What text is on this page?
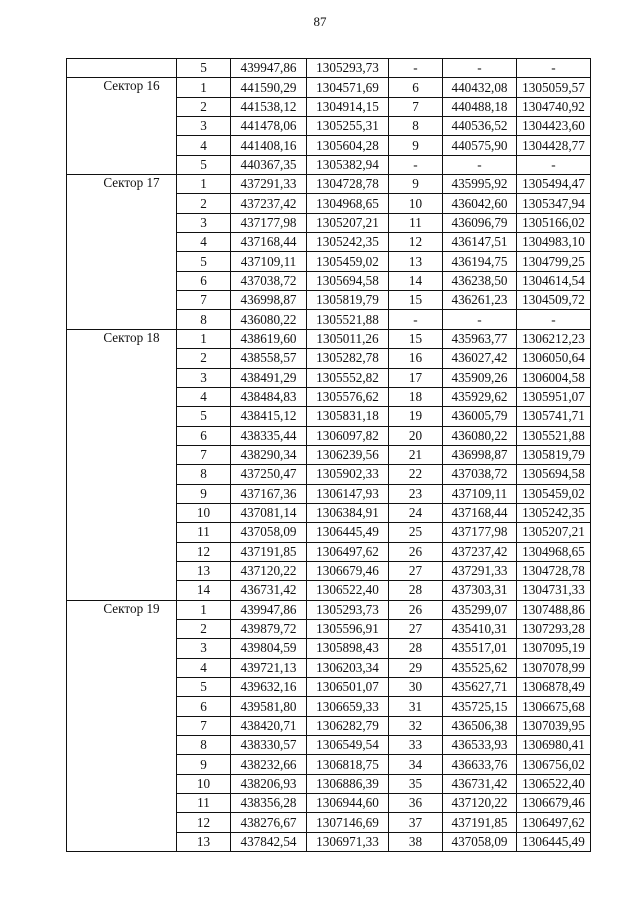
87
	5	439947,86	1305293,73	-	-	-
Сектор 16	1	441590,29	1304571,69	6	440432,08	1305059,57
	2	441538,12	1304914,15	7	440488,18	1304740,92
	3	441478,06	1305255,31	8	440536,52	1304423,60
	4	441408,16	1305604,28	9	440575,90	1304428,77
	5	440367,35	1305382,94	-	-	-
Сектор 17	1	437291,33	1304728,78	9	435995,92	1305494,47
	2	437237,42	1304968,65	10	436042,60	1305347,94
	3	437177,98	1305207,21	11	436096,79	1305166,02
	4	437168,44	1305242,35	12	436147,51	1304983,10
	5	437109,11	1305459,02	13	436194,75	1304799,25
	6	437038,72	1305694,58	14	436238,50	1304614,54
	7	436998,87	1305819,79	15	436261,23	1304509,72
	8	436080,22	1305521,88	-	-	-
Сектор 18	1	438619,60	1305011,26	15	435963,77	1306212,23
	2	438558,57	1305282,78	16	436027,42	1306050,64
	3	438491,29	1305552,82	17	435909,26	1306004,58
	4	438484,83	1305576,62	18	435929,62	1305951,07
	5	438415,12	1305831,18	19	436005,79	1305741,71
	6	438335,44	1306097,82	20	436080,22	1305521,88
	7	438290,34	1306239,56	21	436998,87	1305819,79
	8	437250,47	1305902,33	22	437038,72	1305694,58
	9	437167,36	1306147,93	23	437109,11	1305459,02
	10	437081,14	1306384,91	24	437168,44	1305242,35
	11	437058,09	1306445,49	25	437177,98	1305207,21
	12	437191,85	1306497,62	26	437237,42	1304968,65
	13	437120,22	1306679,46	27	437291,33	1304728,78
	14	436731,42	1306522,40	28	437303,31	1304731,33
Сектор 19	1	439947,86	1305293,73	26	435299,07	1307488,86
	2	439879,72	1305596,91	27	435410,31	1307293,28
	3	439804,59	1305898,43	28	435517,01	1307095,19
	4	439721,13	1306203,34	29	435525,62	1307078,99
	5	439632,16	1306501,07	30	435627,71	1306878,49
	6	439581,80	1306659,33	31	435725,15	1306675,68
	7	438420,71	1306282,79	32	436506,38	1307039,95
	8	438330,57	1306549,54	33	436533,93	1306980,41
	9	438232,66	1306818,75	34	436633,76	1306756,02
	10	438206,93	1306886,39	35	436731,42	1306522,40
	11	438356,28	1306944,60	36	437120,22	1306679,46
	12	438276,67	1307146,69	37	437191,85	1306497,62
	13	437842,54	1306971,33	38	437058,09	1306445,49
